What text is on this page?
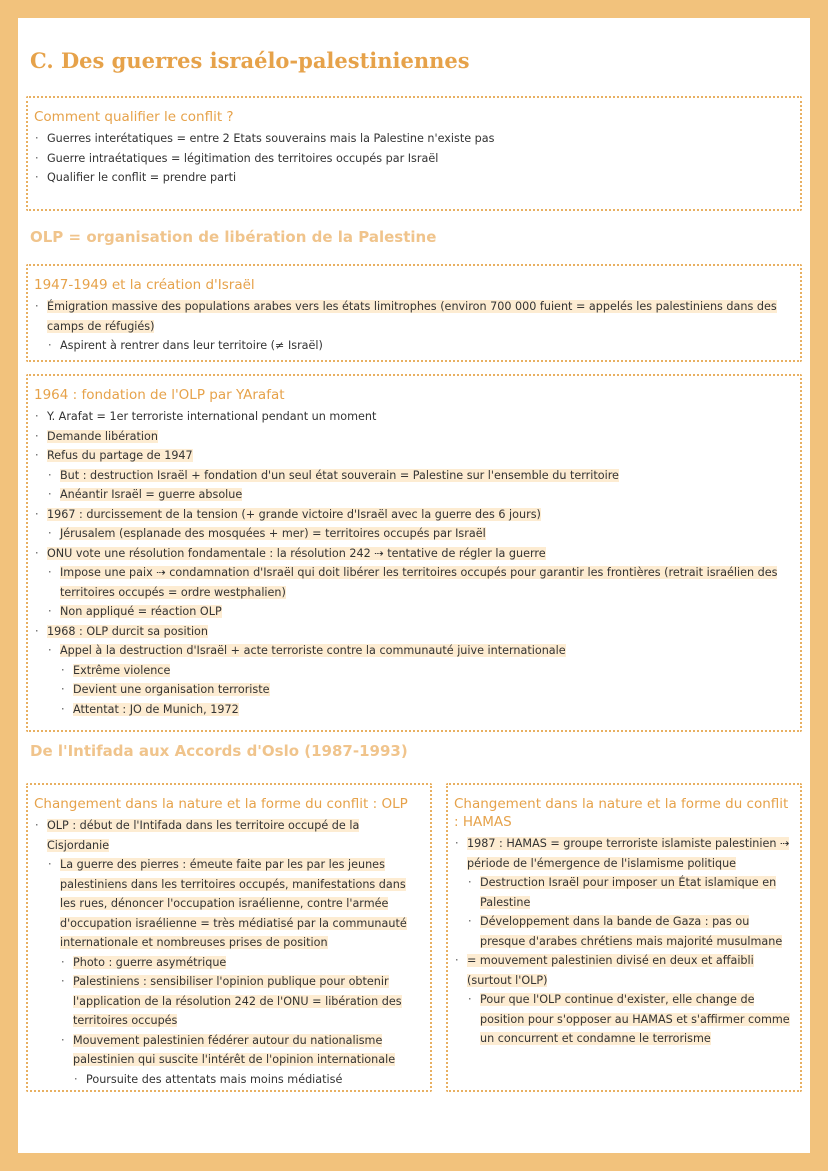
C. Des guerres israélo-palestiniennes
Comment qualifier le conflit ?
· Guerres interétatiques = entre 2 Etats souverains mais la Palestine n'existe pas
· Guerre intraétatiques = légitimation des territoires occupés par Israël
· Qualifier le conflit = prendre parti
OLP = organisation de libération de la Palestine
1947-1949 et la création d'Israël
· Émigration massive des populations arabes vers les états limitrophes (environ 700 000 fuient = appelés les palestiniens dans des camps de réfugiés)
· Aspirent à rentrer dans leur territoire (≠ Israël)
1964 : fondation de l'OLP par YArafat
· Y. Arafat = 1er terroriste international pendant un moment
· Demande libération
· Refus du partage de 1947
· But : destruction Israël + fondation d'un seul état souverain = Palestine sur l'ensemble du territoire
· Anéantir Israël = guerre absolue
· 1967 : durcissement de la tension (+ grande victoire d'Israël avec la guerre des 6 jours)
· Jérusalem (esplanade des mosquées + mer) = territoires occupés par Israël
· ONU vote une résolution fondamentale : la résolution 242 ⇢ tentative de régler la guerre
· Impose une paix ⇢ condamnation d'Israël qui doit libérer les territoires occupés pour garantir les frontières (retrait israélien des territoires occupés = ordre westphalien)
· Non appliqué = réaction OLP
· 1968 : OLP durcit sa position
· Appel à la destruction d'Israël + acte terroriste contre la communauté juive internationale
· Extrême violence
· Devient une organisation terroriste
· Attentat : JO de Munich, 1972
De l'Intifada aux Accords d'Oslo (1987-1993)
Changement dans la nature et la forme du conflit : OLP
· OLP : début de l'Intifada dans les territoire occupé de la Cisjordanie
· La guerre des pierres : émeute faite par les par les jeunes palestiniens dans les territoires occupés, manifestations dans les rues, dénoncer l'occupation israélienne, contre l'armée d'occupation israélienne = très médiatisé par la communauté internationale et nombreuses prises de position
· Photo : guerre asymétrique
· Palestiniens : sensibiliser l'opinion publique pour obtenir l'application de la résolution 242 de l'ONU = libération des territoires occupés
· Mouvement palestinien fédérer autour du nationalisme palestinien qui suscite l'intérêt de l'opinion internationale
· Poursuite des attentats mais moins médiatisé
Changement dans la nature et la forme du conflit : HAMAS
· 1987 : HAMAS = groupe terroriste islamiste palestinien ⇢ période de l'émergence de l'islamisme politique
· Destruction Israël pour imposer un État islamique en Palestine
· Développement dans la bande de Gaza : pas ou presque d'arabes chrétiens mais majorité musulmane
· = mouvement palestinien divisé en deux et affaibli (surtout l'OLP)
· Pour que l'OLP continue d'exister, elle change de position pour s'opposer au HAMAS et s'affirmer comme un concurrent et condamne le terrorisme
